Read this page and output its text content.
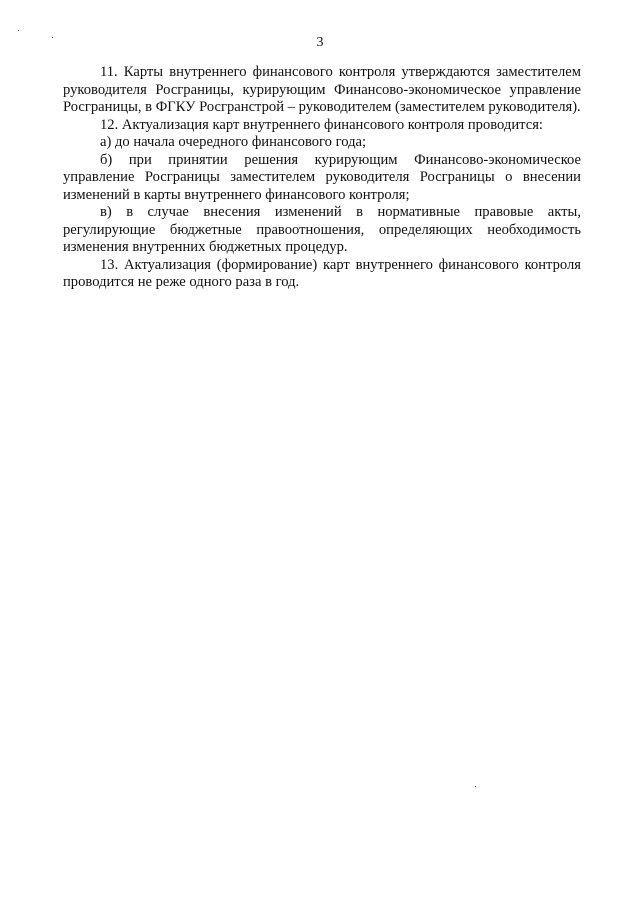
3

11. Карты внутреннего финансового контроля утверждаются заместителем руководителя Росграницы, курирующим Финансово-экономическое управление Росграницы, в ФГКУ Росгранстрой – руководителем (заместителем руководителя).

12. Актуализация карт внутреннего финансового контроля проводится:

а) до начала очередного финансового года;

б) при принятии решения курирующим Финансово-экономическое управление Росграницы заместителем руководителя Росграницы о внесении изменений в карты внутреннего финансового контроля;

в) в случае внесения изменений в нормативные правовые акты, регулирующие бюджетные правоотношения, определяющих необходимость изменения внутренних бюджетных процедур.

13. Актуализация (формирование) карт внутреннего финансового контроля проводится не реже одного раза в год.
